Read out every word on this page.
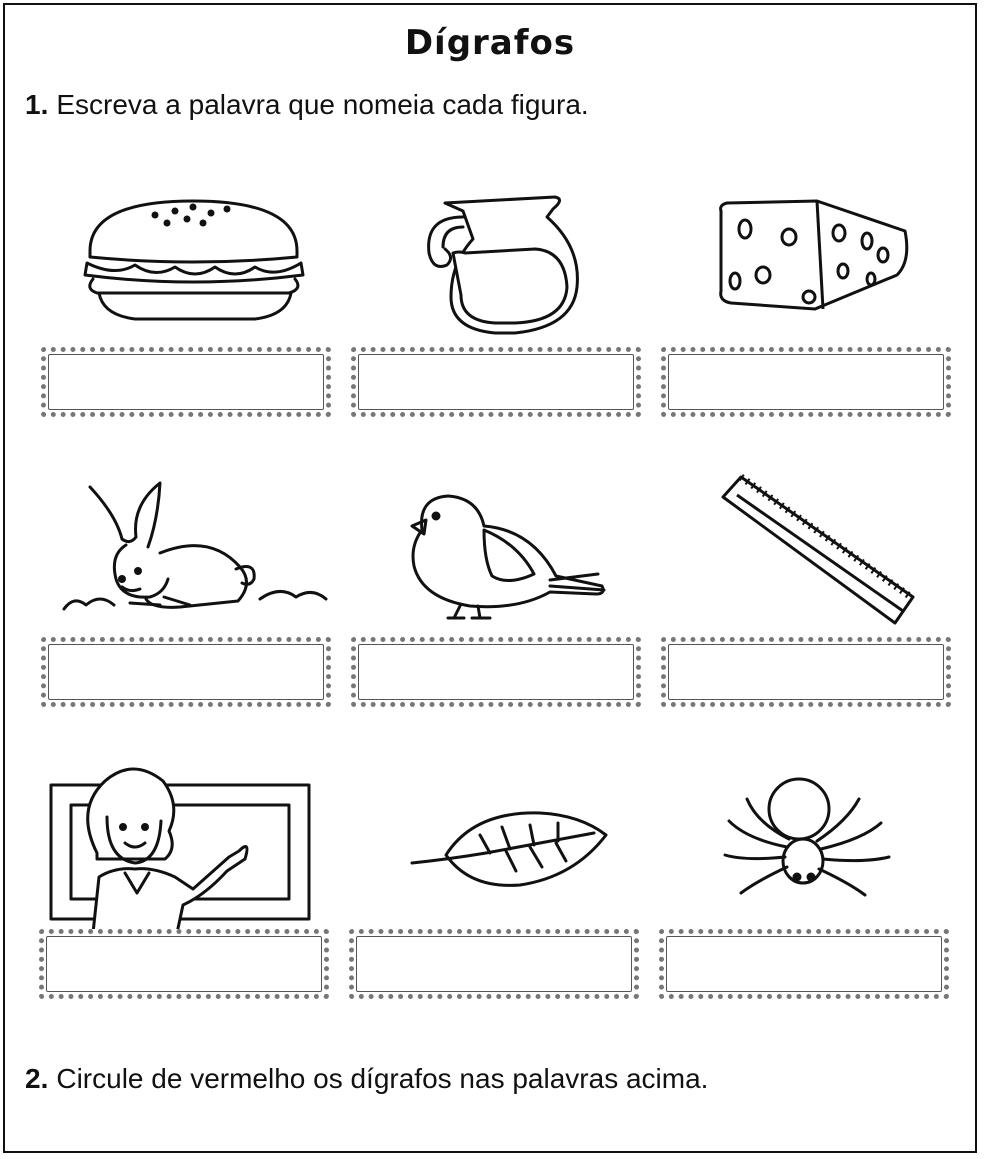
Dígrafos
1. Escreva a palavra que nomeia cada figura.
2. Circule de vermelho os dígrafos nas palavras acima.
